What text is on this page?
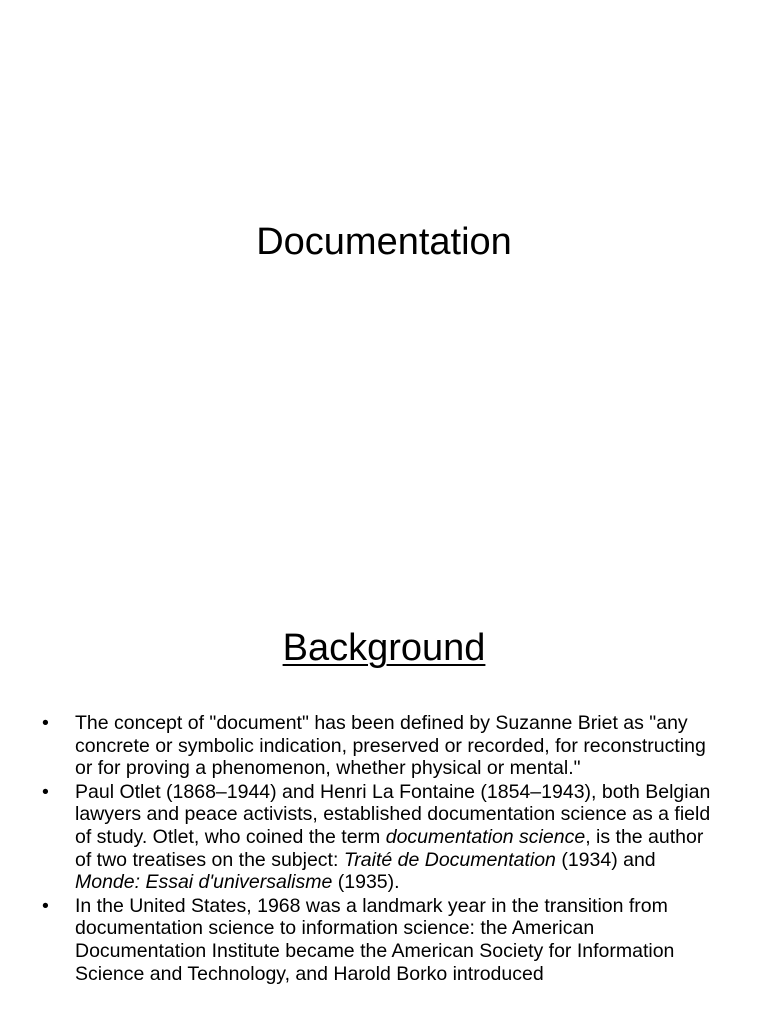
Documentation
Background
• The concept of "document" has been defined by Suzanne Briet as "any concrete or symbolic indication, preserved or recorded, for reconstructing or for proving a phenomenon, whether physical or mental."
• Paul Otlet (1868–1944) and Henri La Fontaine (1854–1943), both Belgian lawyers and peace activists, established documentation science as a field of study. Otlet, who coined the term documentation science, is the author of two treatises on the subject: Traité de Documentation (1934) and Monde: Essai d'universalisme (1935).
• In the United States, 1968 was a landmark year in the transition from documentation science to information science: the American Documentation Institute became the American Society for Information Science and Technology, and Harold Borko introduced
